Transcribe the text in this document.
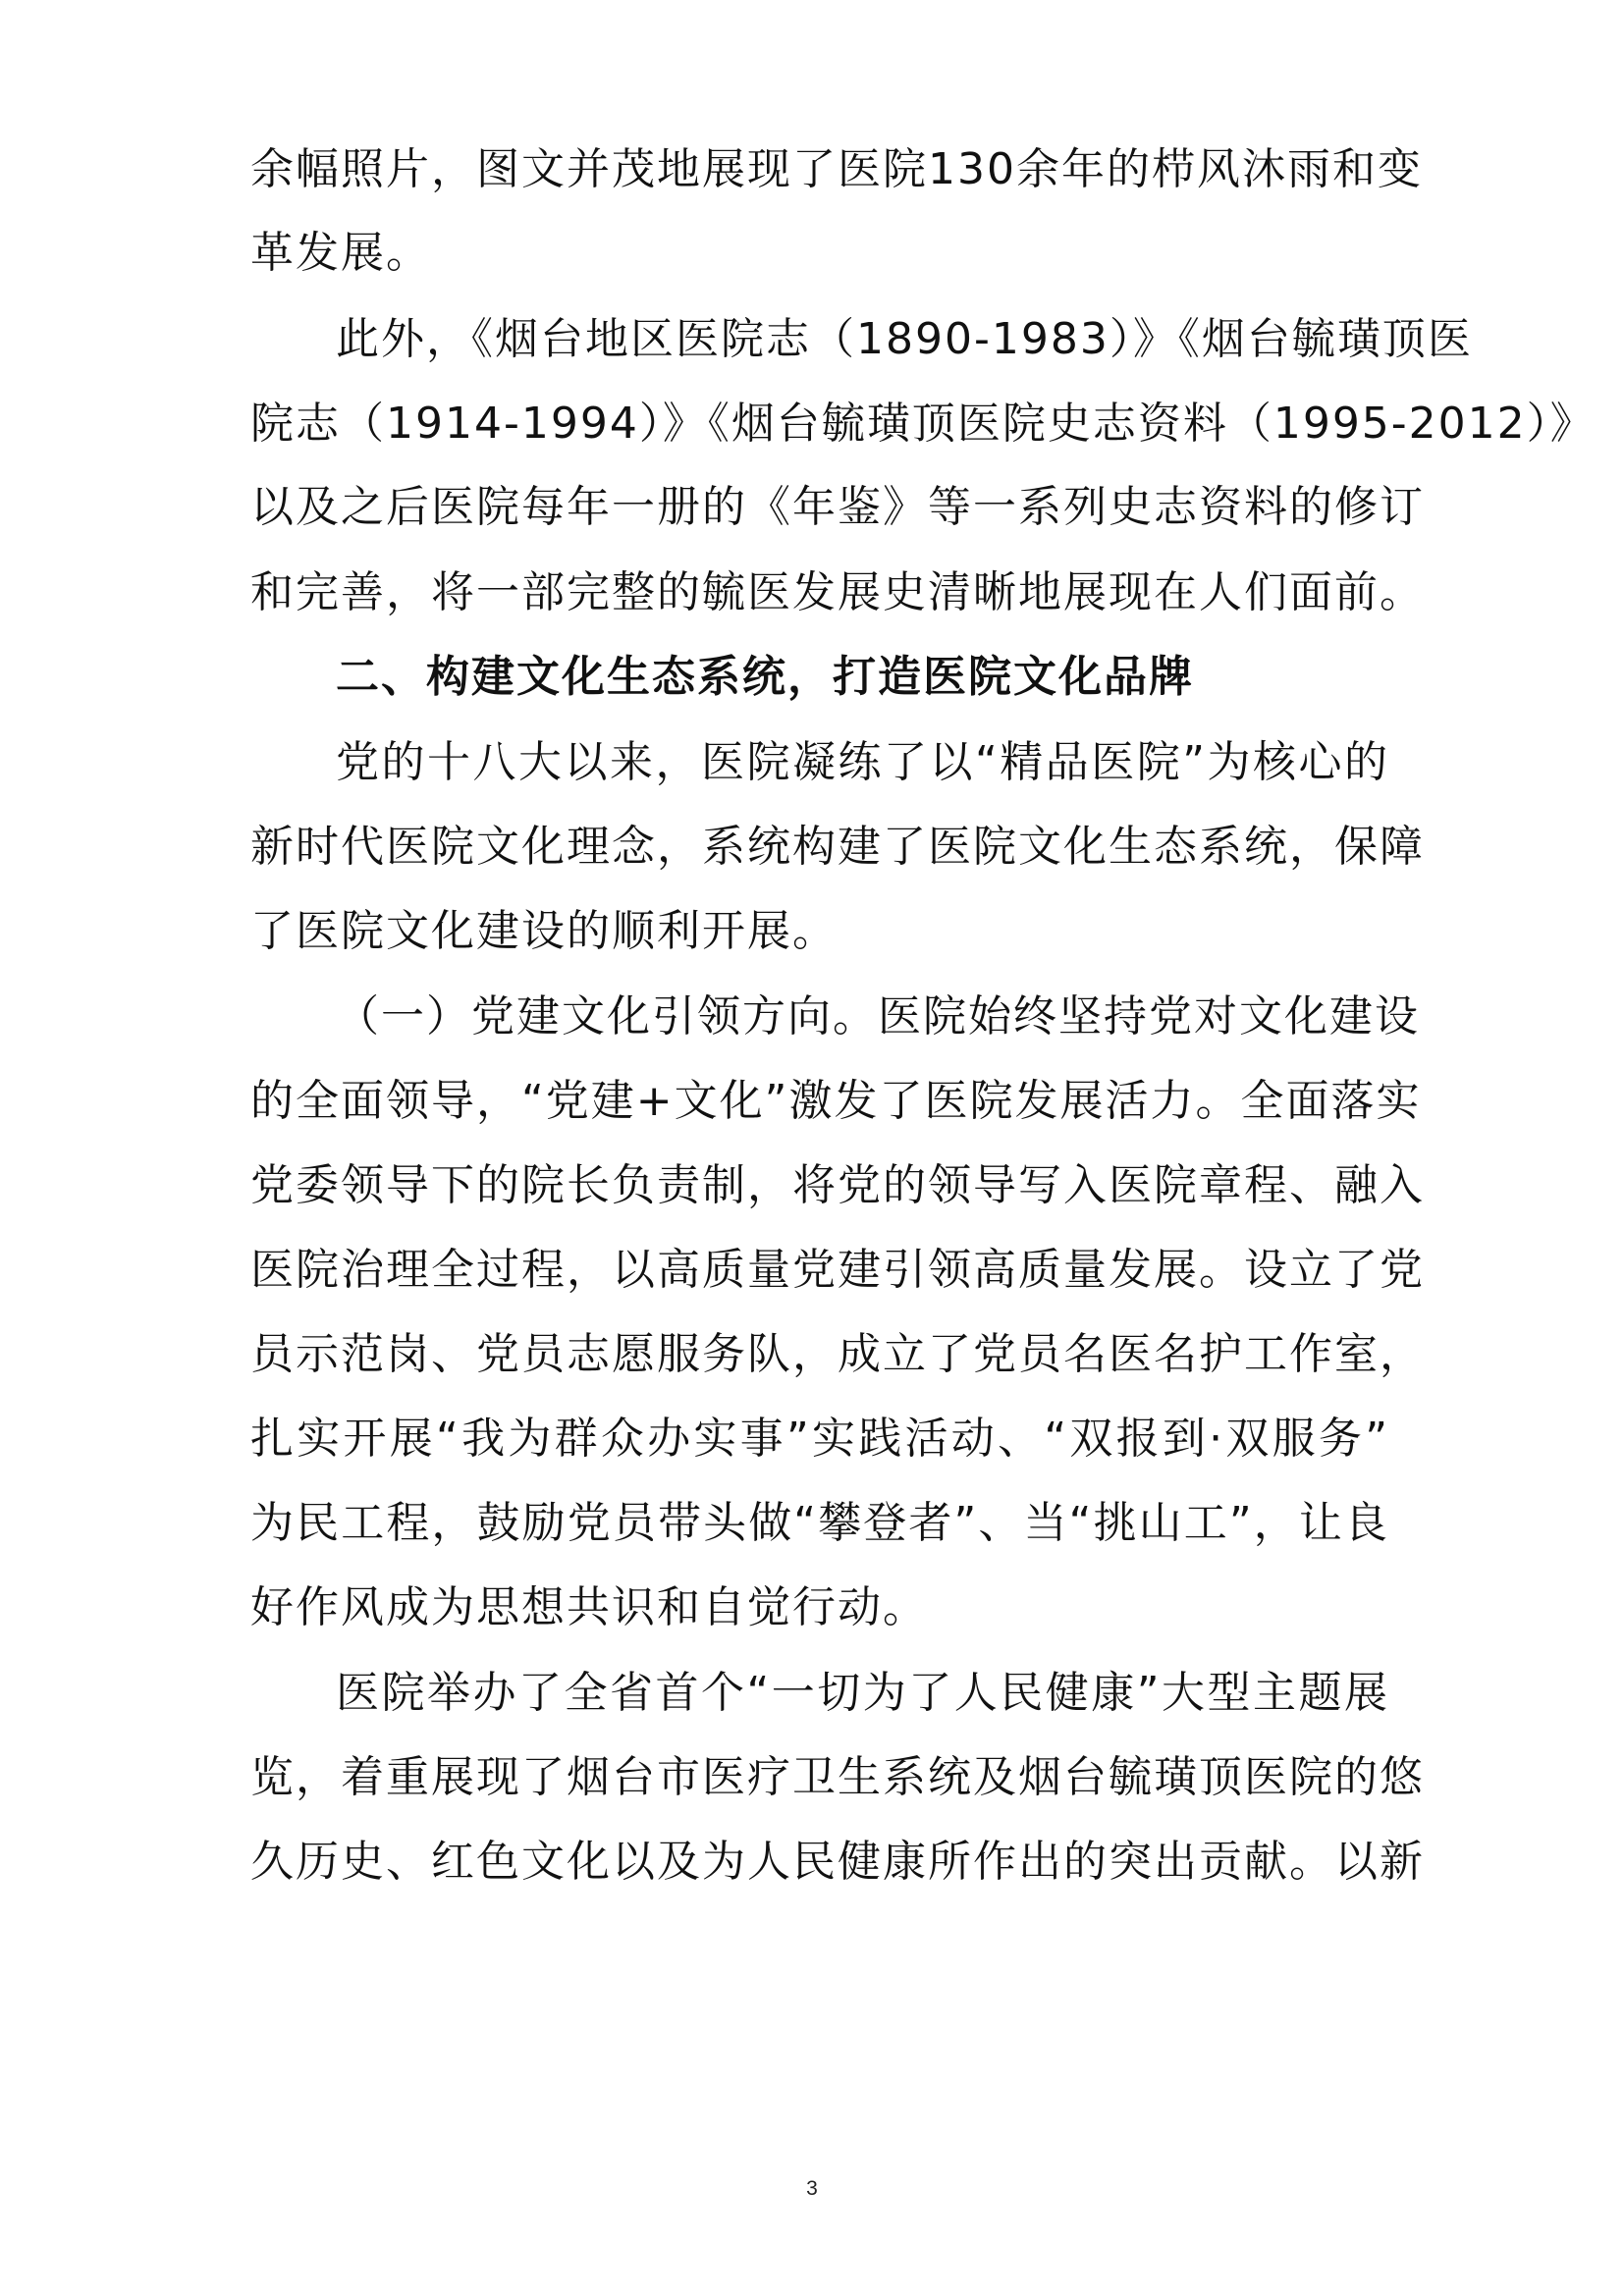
余幅照片，图文并茂地展现了医院130余年的栉风沐雨和变
革发展。
此外，《烟台地区医院志（1890-1983）》《烟台毓璜顶医
院志（1914-1994）》《烟台毓璜顶医院史志资料（1995-2012）》
以及之后医院每年一册的《年鉴》等一系列史志资料的修订
和完善，将一部完整的毓医发展史清晰地展现在人们面前。
二、构建文化生态系统，打造医院文化品牌
党的十八大以来，医院凝练了以“精品医院”为核心的
新时代医院文化理念，系统构建了医院文化生态系统，保障
了医院文化建设的顺利开展。
（一）党建文化引领方向。医院始终坚持党对文化建设
的全面领导，“党建+文化”激发了医院发展活力。全面落实
党委领导下的院长负责制，将党的领导写入医院章程、融入
医院治理全过程，以高质量党建引领高质量发展。设立了党
员示范岗、党员志愿服务队，成立了党员名医名护工作室，
扎实开展“我为群众办实事”实践活动、“双报到·双服务”
为民工程，鼓励党员带头做“攀登者”、当“挑山工”，让良
好作风成为思想共识和自觉行动。
医院举办了全省首个“一切为了人民健康”大型主题展
览，着重展现了烟台市医疗卫生系统及烟台毓璜顶医院的悠
久历史、红色文化以及为人民健康所作出的突出贡献。以新
3
